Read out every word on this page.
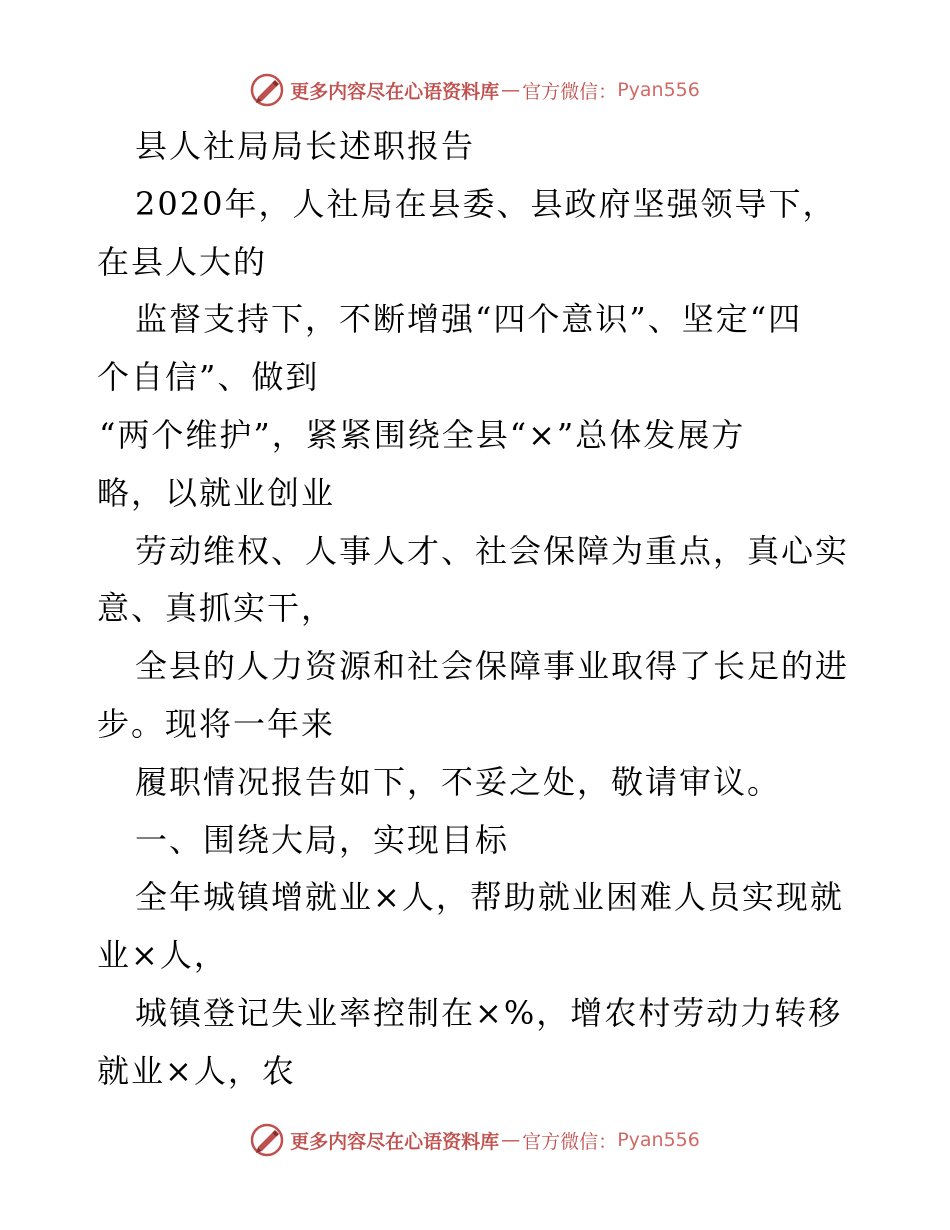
更多内容尽在心语资料库 — 官方微信： Pyan556
县人社局局长述职报告
2020年，人社局在县委、县政府坚强领导下，
在县人大的
监督支持下，不断增强“四个意识”、坚定“四
个自信”、做到
“两个维护”，紧紧围绕全县“×”总体发展方
略，以就业创业
劳动维权、人事人才、社会保障为重点，真心实
意、真抓实干，
全县的人力资源和社会保障事业取得了长足的进
步。现将一年来
履职情况报告如下，不妥之处，敬请审议。
一、围绕大局，实现目标
全年城镇增就业×人，帮助就业困难人员实现就
业×人，
城镇登记失业率控制在×%，增农村劳动力转移
就业×人，农
更多内容尽在心语资料库 — 官方微信： Pyan556
